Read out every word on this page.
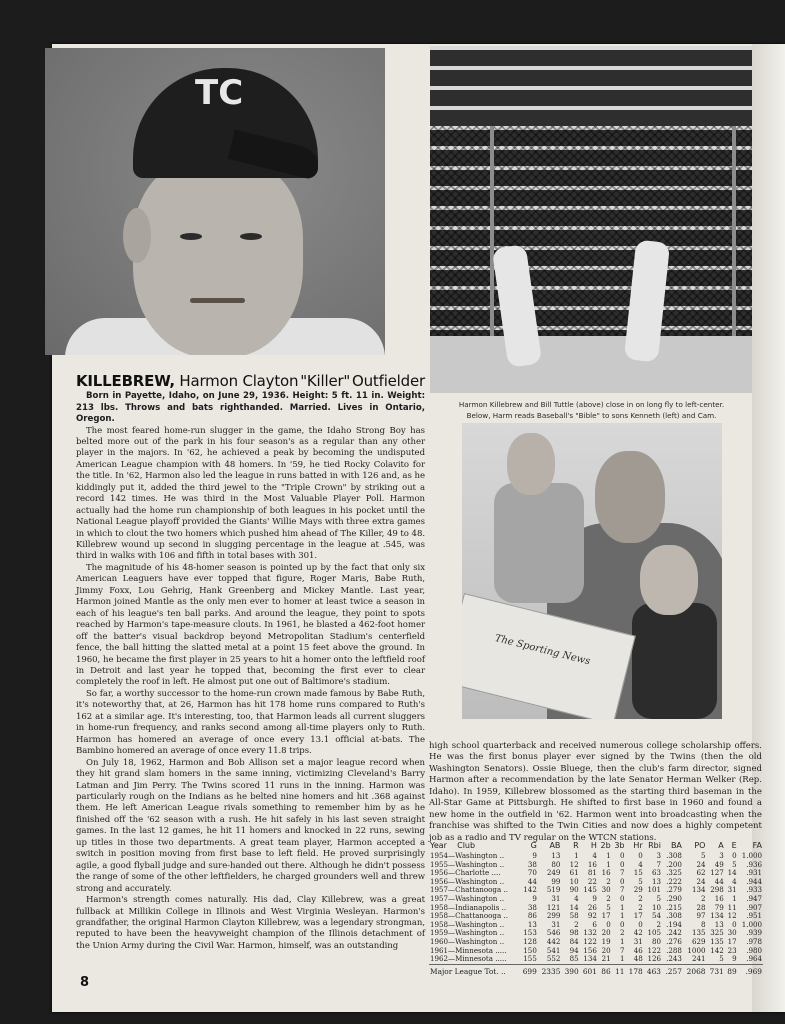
TC
Harmon Killebrew and Bill Tuttle (above) close in on long fly to left-center.
Below, Harm reads Baseball's "Bible" to sons Kenneth (left) and Cam.
The Sporting News
KILLEBREW, Harmon Clayton "Killer" Outfielder

Born in Payette, Idaho, on June 29, 1936. Height: 5 ft. 11 in. Weight: 213 lbs. Throws and bats righthanded. Married. Lives in Ontario, Oregon.

The most feared home-run slugger in the game, the Idaho Strong Boy has belted more out of the park in his four season's as a regular than any other player in the majors. In '62, he achieved a peak by becoming the undisputed American League champion with 48 homers. In '59, he tied Rocky Colavito for the title. In '62, Harmon also led the league in runs batted in with 126 and, as he kiddingly put it, added the third jewel to the "Triple Crown" by striking out a record 142 times. He was third in the Most Valuable Player Poll. Harmon actually had the home run championship of both leagues in his pocket until the National League playoff provided the Giants' Willie Mays with three extra games in which to clout the two homers which pushed him ahead of The Killer, 49 to 48. Killebrew wound up second in slugging percentage in the league at .545, was third in walks with 106 and fifth in total bases with 301.

The magnitude of his 48-homer season is pointed up by the fact that only six American Leaguers have ever topped that figure, Roger Maris, Babe Ruth, Jimmy Foxx, Lou Gehrig, Hank Greenberg and Mickey Mantle. Last year, Harmon joined Mantle as the only men ever to homer at least twice a season in each of his league's ten ball parks. And around the league, they point to spots reached by Harmon's tape-measure clouts. In 1961, he blasted a 462-foot homer off the batter's visual backdrop beyond Metropolitan Stadium's centerfield fence, the ball hitting the slatted metal at a point 15 feet above the ground. In 1960, he became the first player in 25 years to hit a homer onto the leftfield roof in Detroit and last year he topped that, becoming the first ever to clear completely the roof in left. He almost put one out of Baltimore's stadium.

So far, a worthy successor to the home-run crown made famous by Babe Ruth, it's noteworthy that, at 26, Harmon has hit 178 home runs compared to Ruth's 162 at a similar age. It's interesting, too, that Harmon leads all current sluggers in home-run frequency, and ranks second among all-time players only to Ruth. Harmon has homered an average of once every 13.1 official at-bats. The Bambino homered an average of once every 11.8 trips.

On July 18, 1962, Harmon and Bob Allison set a major league record when they hit grand slam homers in the same inning, victimizing Cleveland's Barry Latman and Jim Perry. The Twins scored 11 runs in the inning. Harmon was particularly rough on the Indians as he belted nine homers and hit .368 against them. He left American League rivals something to remember him by as he finished off the '62 season with a rush. He hit safely in his last seven straight games. In the last 12 games, he hit 11 homers and knocked in 22 runs, sewing up titles in those two departments. A great team player, Harmon accepted a switch in position moving from first base to left field. He proved surprisingly agile, a good flyball judge and sure-handed out there. Although he didn't possess the range of some of the other leftfielders, he charged grounders well and threw strong and accurately.

Harmon's strength comes naturally. His dad, Clay Killebrew, was a great fullback at Millikin College in Illinois and West Virginia Wesleyan. Harmon's grandfather, the original Harmon Clayton Killebrew, was a legendary strongman, reputed to have been the heavyweight champion of the Illinois detachment of the Union Army during the Civil War. Harmon, himself, was an outstanding

high school quarterback and received numerous college scholarship offers. He was the first bonus player ever signed by the Twins (then the old Washington Senators). Ossie Bluege, then the club's farm director, signed Harmon after a recommendation by the late Senator Herman Welker (Rep. Idaho). In 1959, Killebrew blossomed as the starting third baseman in the All-Star Game at Pittsburgh. He shifted to first base in 1960 and found a new home in the outfield in '62. Harmon went into broadcasting when the franchise was shifted to the Twin Cities and now does a highly competent job as a radio and TV regular on the WTCN stations.

Year    Club	G	AB	R	H	2b	3b	Hr	Rbi	BA	PO	A	E	FA
1954—Washington ..	9	13	1	4	1	0	0	3	.308	5	3	0	1.000
1955—Washington ..	38	80	12	16	1	0	4	7	.200	24	49	5	.936
1956—Charlotte ....	70	249	61	81	16	7	15	63	.325	62	127	14	.931
1956—Washington ..	44	99	10	22	2	0	5	13	.222	24	44	4	.944
1957—Chattanooga ..	142	519	90	145	30	7	29	101	.279	134	298	31	.933
1957—Washington ..	9	31	4	9	2	0	2	5	.290	2	16	1	.947
1958—Indianapolis ..	38	121	14	26	5	1	2	10	.215	28	79	11	.907
1958—Chattanooga ..	86	299	58	92	17	1	17	54	.308	97	134	12	.951
1958—Washington ..	13	31	2	6	0	0	0	2	.194	8	13	0	1.000
1959—Washington ..	153	546	98	132	20	2	42	105	.242	135	325	30	.939
1960—Washington ..	128	442	84	122	19	1	31	80	.276	629	135	17	.978
1961—Minnesota .....	150	541	94	156	20	7	46	122	.288	1000	142	23	.980
1962—Minnesota .....	155	552	85	134	21	1	48	126	.243	241	5	9	.964
Major League Tot. ..	699	2335	390	601	86	11	178	463	.257	2068	731	89	.969
8
